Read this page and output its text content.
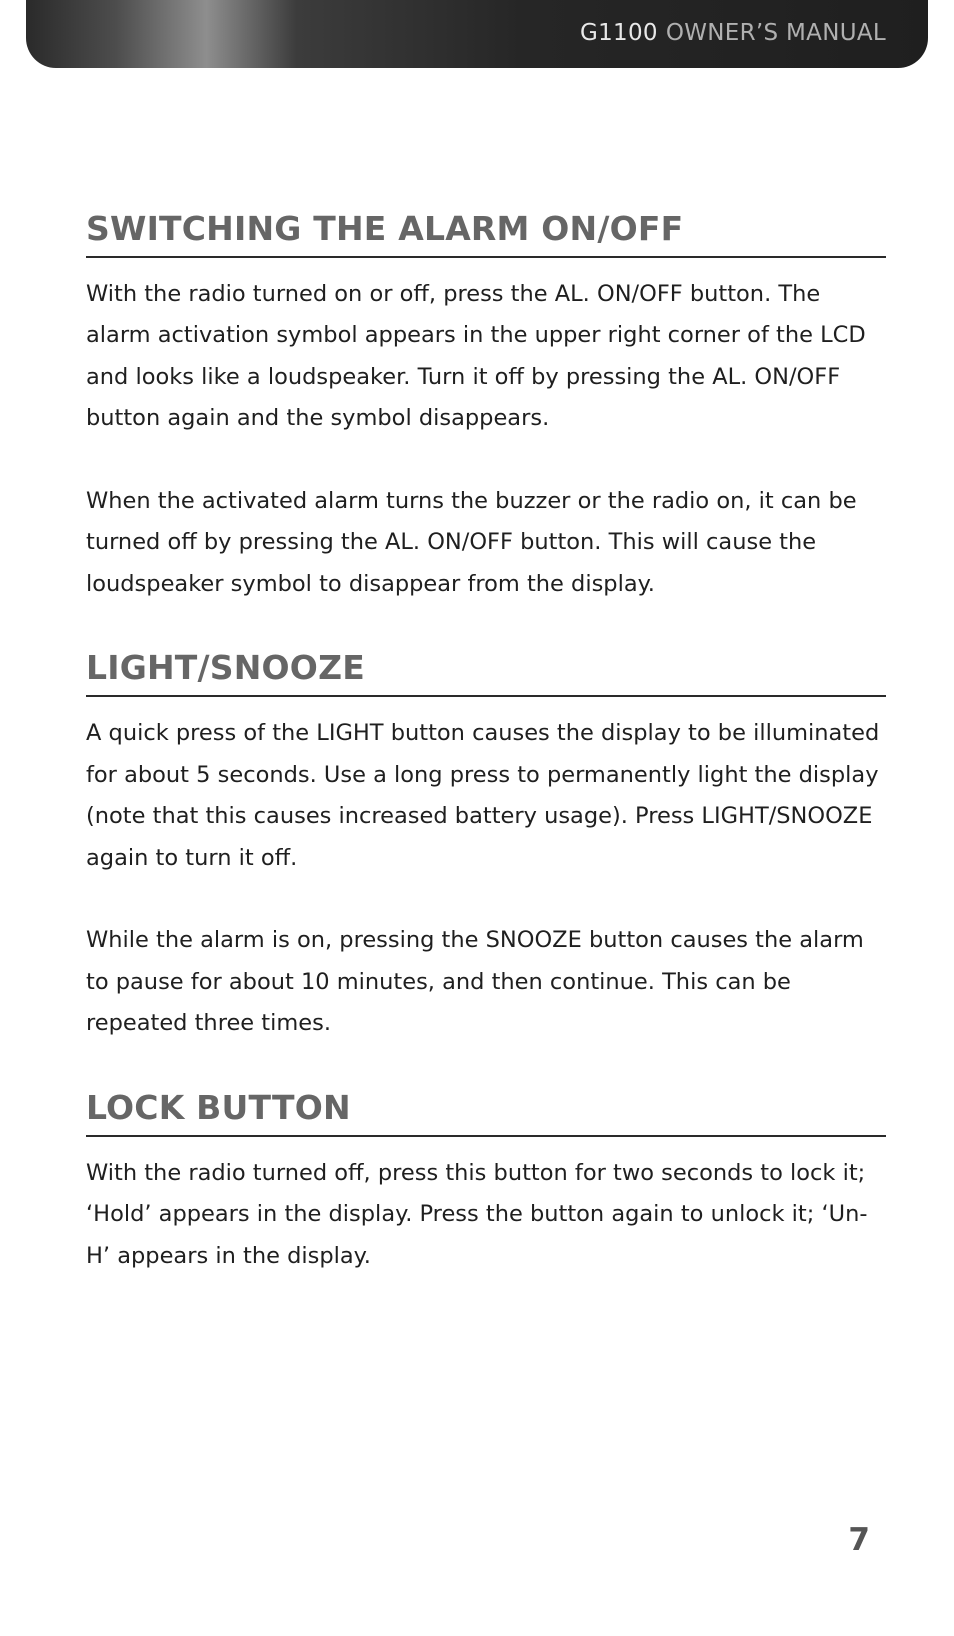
G1100 OWNER’S MANUAL
SWITCHING THE ALARM ON/OFF

With the radio turned on or off, press the AL. ON/OFF button. The alarm activation symbol appears in the upper right corner of the LCD and looks like a loudspeaker. Turn it off by pressing the AL. ON/OFF button again and the symbol disappears.

When the activated alarm turns the buzzer or the radio on, it can be turned off by pressing the AL. ON/OFF button. This will cause the loudspeaker symbol to disappear from the display.

LIGHT/SNOOZE

A quick press of the LIGHT button causes the display to be illuminated for about 5 seconds. Use a long press to permanently light the display (note that this causes increased battery usage). Press LIGHT/SNOOZE again to turn it off.

While the alarm is on, pressing the SNOOZE button causes the alarm to pause for about 10 minutes, and then continue. This can be repeated three times.

LOCK BUTTON

With the radio turned off, press this button for two seconds to lock it; ‘Hold’ appears in the display. Press the button again to unlock it; ‘Un-H’ appears in the display.

7
